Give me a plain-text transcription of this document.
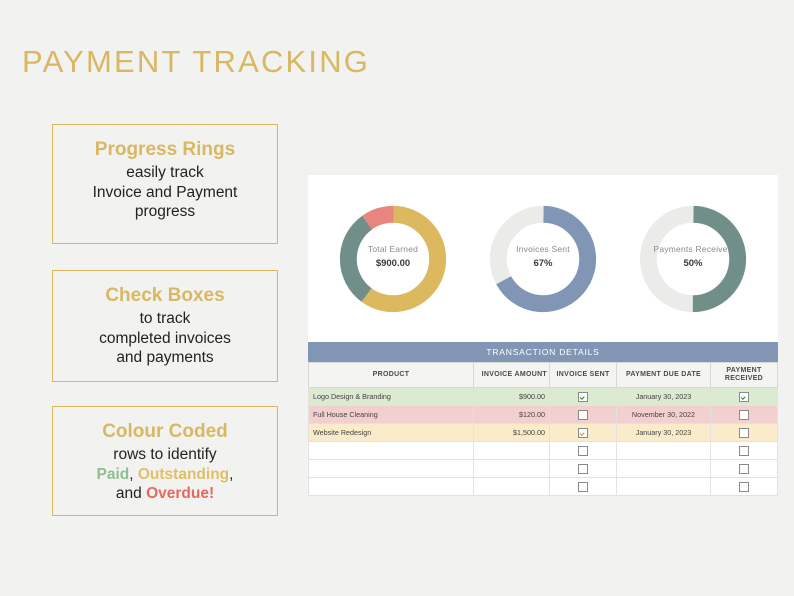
PAYMENT TRACKING
Progress Rings

easily track

Invoice and Payment

progress

Check Boxes

to track

completed invoices

and payments

Colour Coded

rows to identify

Paid, Outstanding,

and Overdue!

Total Earned
$900.00
Invoices Sent
67%
Payments Received
50%
TRANSACTION DETAILS
PRODUCT	INVOICE AMOUNT	INVOICE SENT	PAYMENT DUE DATE	PAYMENT RECEIVED
Logo Design & Branding	$900.00		January 30, 2023	
Full House Cleaning	$120.00		November 30, 2022	
Website Redesign	$1,500.00		January 30, 2023	
